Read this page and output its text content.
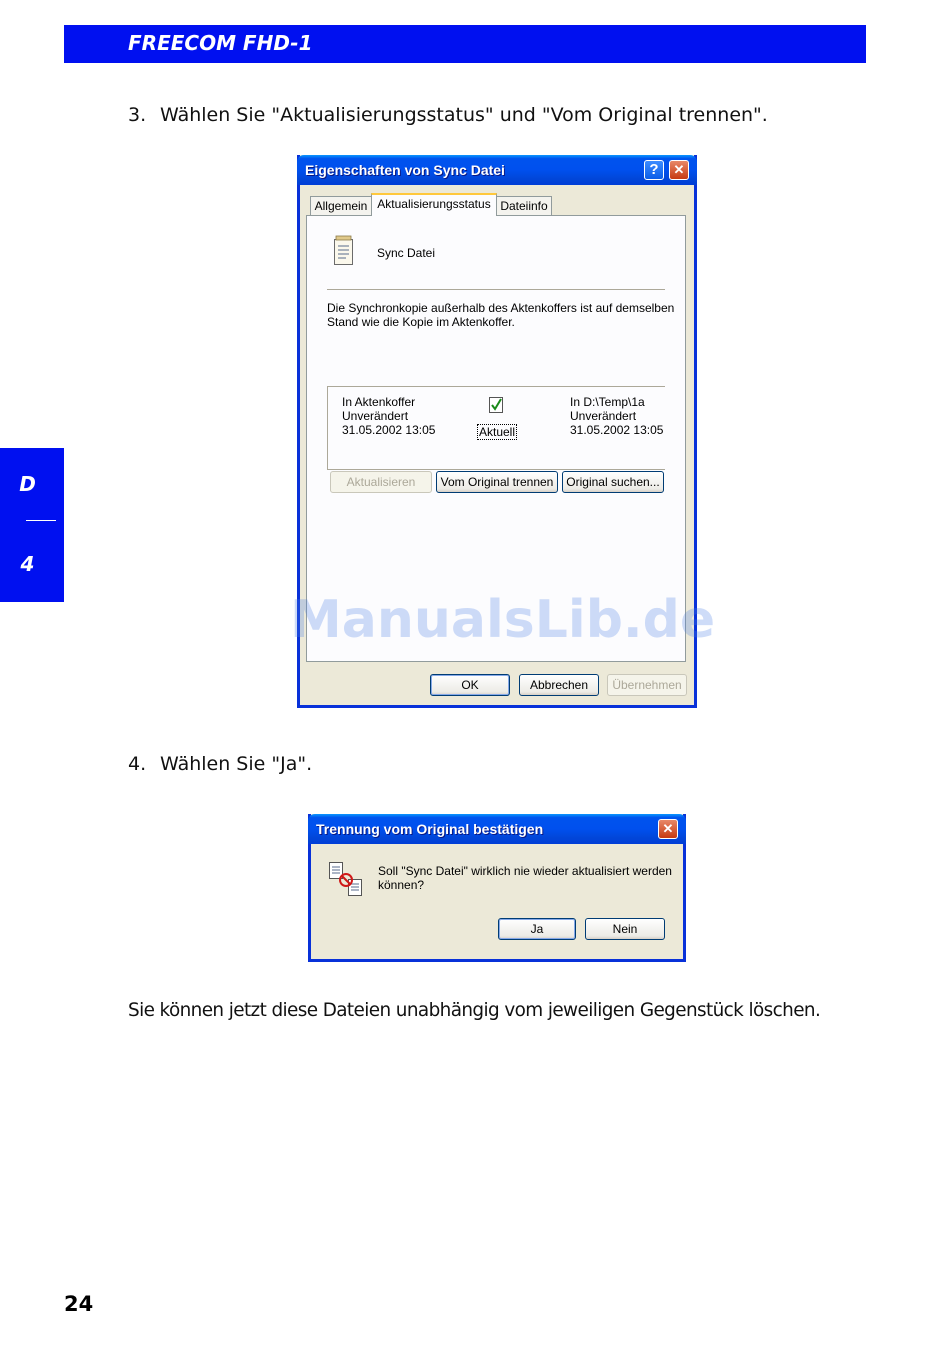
FREECOM FHD-1
D
4
3. Wählen Sie "Aktualisierungsstatus" und "Vom Original trennen".
Eigenschaften von Sync Datei	?	✕
Allgemein Aktualisierungsstatus Dateiinfo
Sync Datei
Die Synchronkopie außerhalb des Aktenkoffers ist auf demselben
Stand wie die Kopie im Aktenkoffer.
In Aktenkoffer
Unverändert
31.05.2002 13:05	Aktuell
In D:\Temp\1a
Unverändert
31.05.2002 13:05
Aktualisieren	Vom Original trennen	Original suchen...
OK	Abbrechen	Übernehmen
ManualsLib.de
4. Wählen Sie "Ja".
Trennung vom Original bestätigen	✕
Soll "Sync Datei" wirklich nie wieder aktualisiert werden
können?
Ja	Nein
Sie können jetzt diese Dateien unabhängig vom jeweiligen Gegenstück löschen.
24
